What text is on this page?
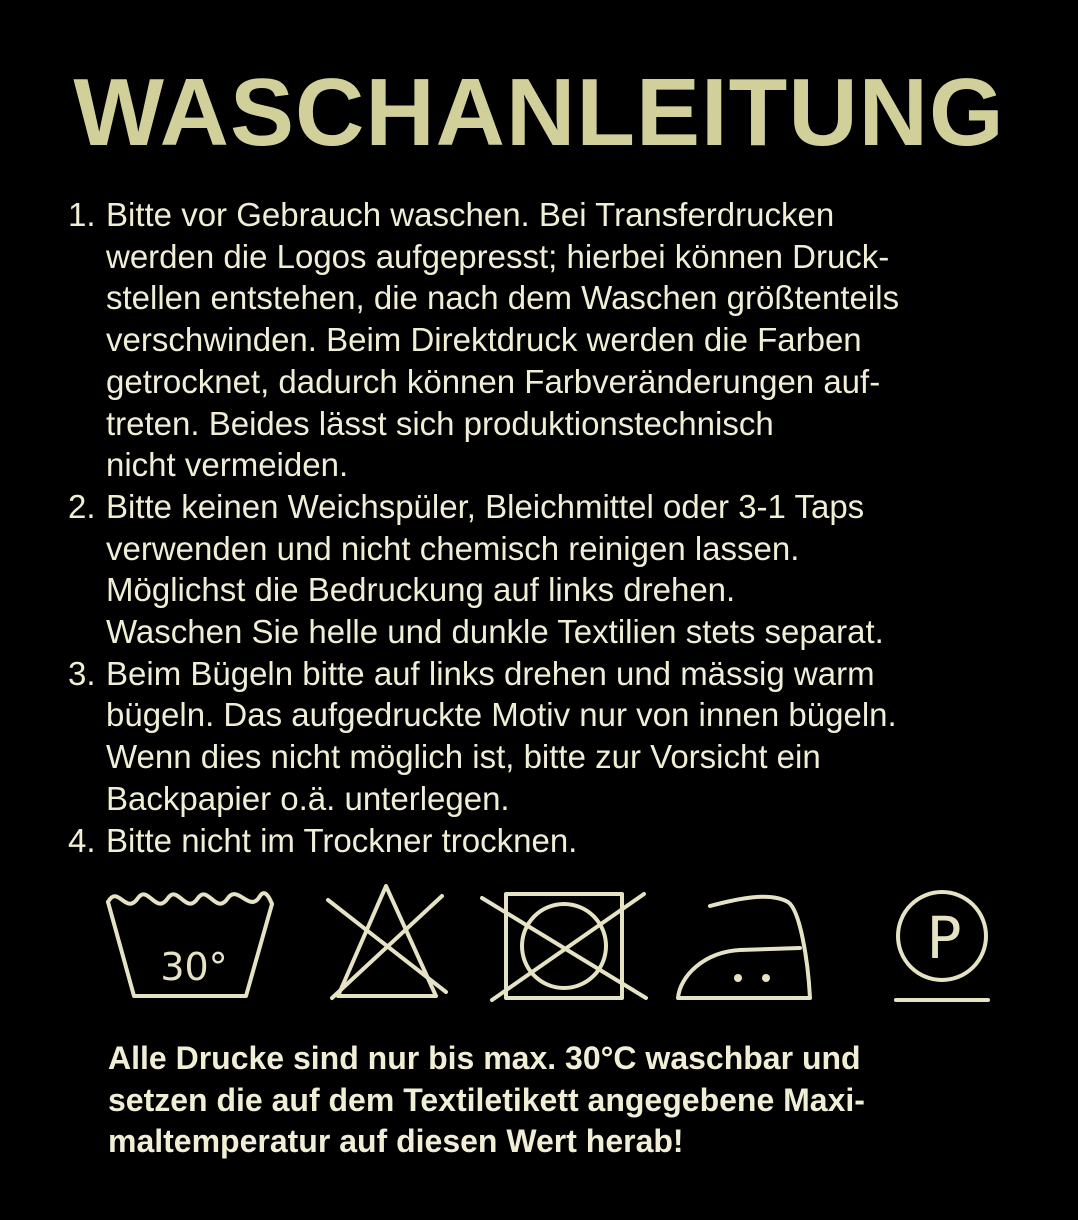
WASCHANLEITUNG
1. Bitte vor Gebrauch waschen. Bei Transferdrucken
werden die Logos aufgepresst; hierbei können Druck-
stellen entstehen, die nach dem Waschen größtenteils
verschwinden. Beim Direktdruck werden die Farben
getrocknet, dadurch können Farbveränderungen auf-
treten. Beides lässt sich produktionstechnisch
nicht vermeiden.
2. Bitte keinen Weichspüler, Bleichmittel oder 3-1 Taps
verwenden und nicht chemisch reinigen lassen.
Möglichst die Bedruckung auf links drehen.
Waschen Sie helle und dunkle Textilien stets separat.
3. Beim Bügeln bitte auf links drehen und mässig warm
bügeln. Das aufgedruckte Motiv nur von innen bügeln.
Wenn dies nicht möglich ist, bitte zur Vorsicht ein
Backpapier o.ä. unterlegen.
4. Bitte nicht im Trockner trocknen.
30°	P

Alle Drucke sind nur bis max. 30°C waschbar und
setzen die auf dem Textiletikett angegebene Maxi-
maltemperatur auf diesen Wert herab!
